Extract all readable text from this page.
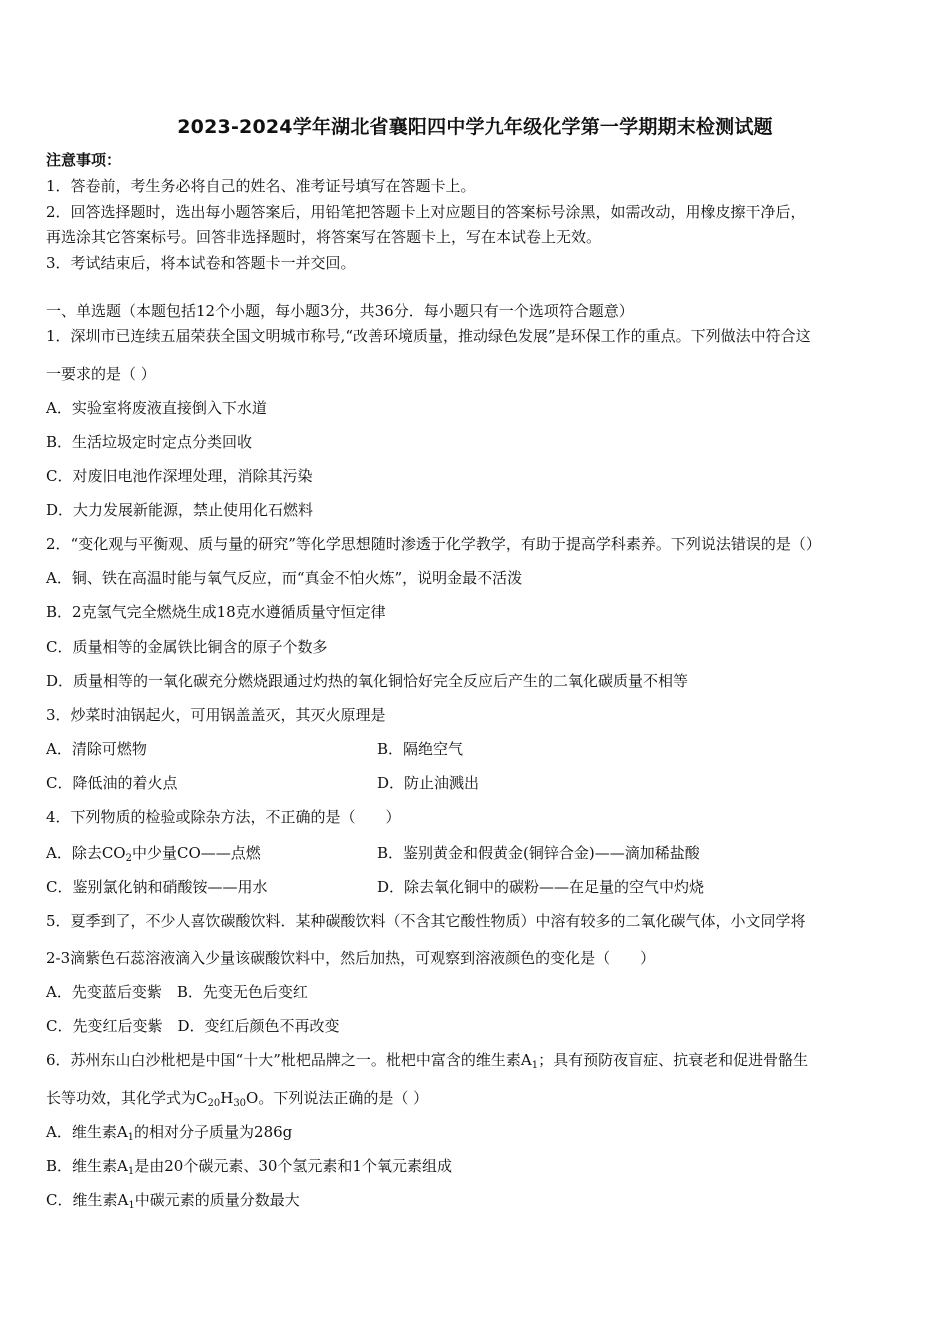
2023-2024学年湖北省襄阳四中学九年级化学第一学期期末检测试题
注意事项：
1．答卷前，考生务必将自己的姓名、准考证号填写在答题卡上。
2．回答选择题时，选出每小题答案后，用铅笔把答题卡上对应题目的答案标号涂黑，如需改动，用橡皮擦干净后，
再选涂其它答案标号。回答非选择题时，将答案写在答题卡上，写在本试卷上无效。
3．考试结束后，将本试卷和答题卡一并交回。
一、单选题（本题包括12个小题，每小题3分，共36分．每小题只有一个选项符合题意）
1．深圳市已连续五届荣获全国文明城市称号,“改善环境质量，推动绿色发展”是环保工作的重点。下列做法中符合这
一要求的是（ ）
A．实验室将废液直接倒入下水道
B．生活垃圾定时定点分类回收
C．对废旧电池作深埋处理，消除其污染
D．大力发展新能源，禁止使用化石燃料
2．“变化观与平衡观、质与量的研究”等化学思想随时渗透于化学教学，有助于提高学科素养。下列说法错误的是（）
A．铜、铁在高温时能与氧气反应，而“真金不怕火炼”，说明金最不活泼
B．2克氢气完全燃烧生成18克水遵循质量守恒定律
C．质量相等的金属铁比铜含的原子个数多
D．质量相等的一氧化碳充分燃烧跟通过灼热的氧化铜恰好完全反应后产生的二氧化碳质量不相等
3．炒菜时油锅起火，可用锅盖盖灭，其灭火原理是
A．清除可燃物	B．隔绝空气
C．降低油的着火点	D．防止油溅出
4．下列物质的检验或除杂方法，不正确的是（　　）
A．除去$CO_2$中少量CO——点燃	B．鉴别黄金和假黄金(铜锌合金)——滴加稀盐酸
C．鉴别氯化钠和硝酸铵——用水	D．除去氧化铜中的碳粉——在足量的空气中灼烧
5．夏季到了，不少人喜饮碳酸饮料．某种碳酸饮料（不含其它酸性物质）中溶有较多的二氧化碳气体，小文同学将
2-3滴紫色石蕊溶液滴入少量该碳酸饮料中，然后加热，可观察到溶液颜色的变化是（　　）
A．先变蓝后变紫　B．先变无色后变红
C．先变红后变紫　D．变红后颜色不再改变
6．苏州东山白沙枇杷是中国“十大”枇杷品牌之一。枇杷中富含的维生素$A_1$；具有预防夜盲症、抗衰老和促进骨骼生
长等功效，其化学式为$C_{20}H_{30}O$。下列说法正确的是（ ）
A．维生素$A_1$的相对分子质量为286g
B．维生素$A_1$是由20个碳元素、30个氢元素和1个氧元素组成
C．维生素$A_1$中碳元素的质量分数最大
